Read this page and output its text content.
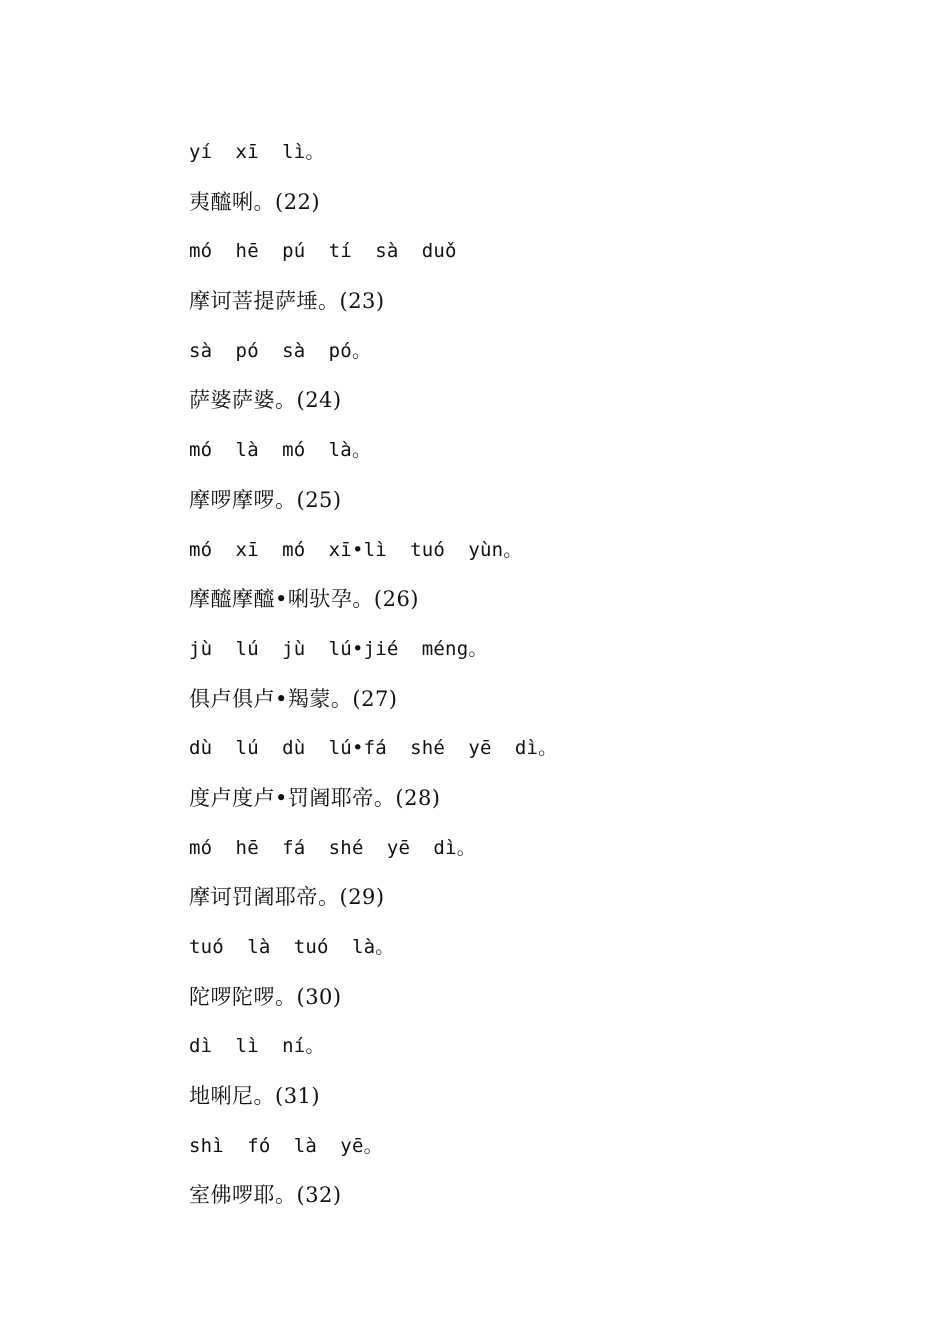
yí  xī  lì。
夷醯唎。(22)
mó  hē  pú  tí  sà  duǒ
摩诃菩提萨埵。(23)
sà  pó  sà  pó。
萨婆萨婆。(24)
mó  là  mó  là。
摩啰摩啰。(25)
mó  xī  mó  xī•lì  tuó  yùn。
摩醯摩醯•唎驮孕。(26)
jù  lú  jù  lú•jié  méng。
俱卢俱卢•羯蒙。(27)
dù  lú  dù  lú•fá  shé  yē  dì。
度卢度卢•罚阇耶帝。(28)
mó  hē  fá  shé  yē  dì。
摩诃罚阇耶帝。(29)
tuó  là  tuó  là。
陀啰陀啰。(30)
dì  lì  ní。
地唎尼。(31)
shì  fó  là  yē。
室佛啰耶。(32)
